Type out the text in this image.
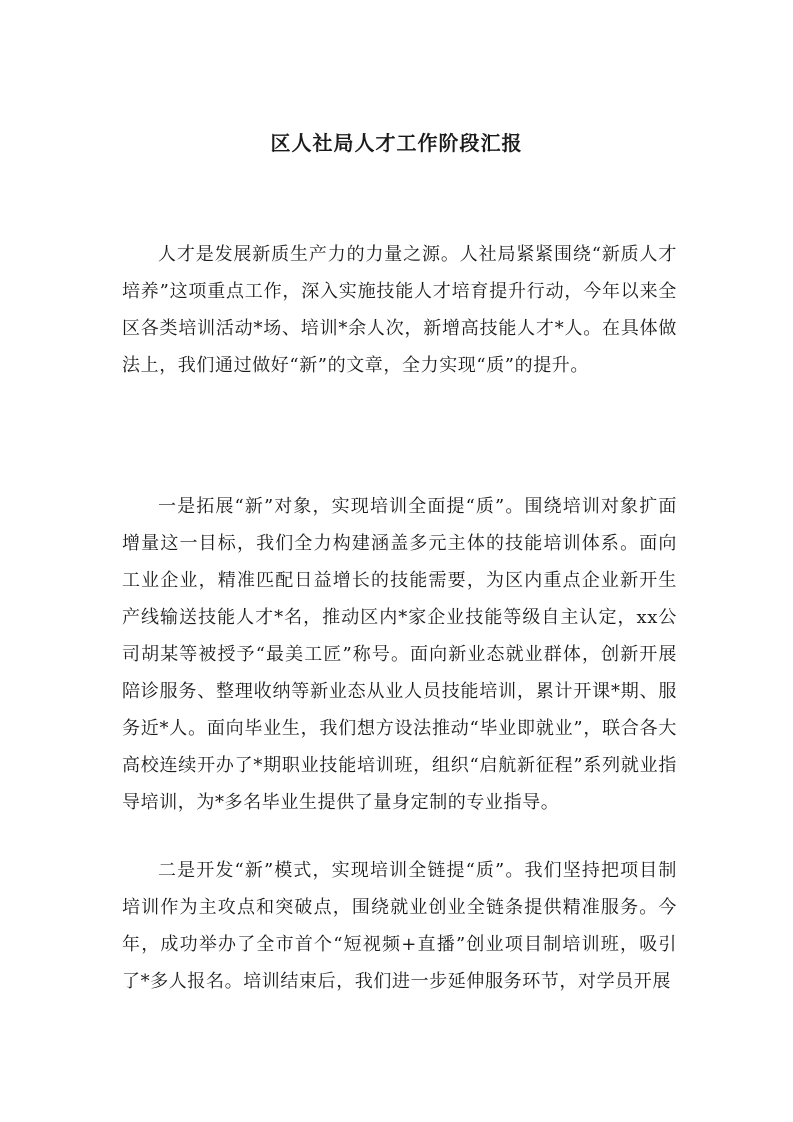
区人社局人才工作阶段汇报

人才是发展新质生产力的力量之源。人社局紧紧围绕“新质人才培养”这项重点工作，深入实施技能人才培育提升行动，今年以来全区各类培训活动*场、培训*余人次，新增高技能人才*人。在具体做法上，我们通过做好“新”的文章，全力实现“质”的提升。

一是拓展“新”对象，实现培训全面提“质”。围绕培训对象扩面增量这一目标，我们全力构建涵盖多元主体的技能培训体系。面向工业企业，精准匹配日益增长的技能需要，为区内重点企业新开生产线输送技能人才*名，推动区内*家企业技能等级自主认定，xx公司胡某等被授予“最美工匠”称号。面向新业态就业群体，创新开展陪诊服务、整理收纳等新业态从业人员技能培训，累计开课*期、服务近*人。面向毕业生，我们想方设法推动“毕业即就业”，联合各大高校连续开办了*期职业技能培训班，组织“启航新征程”系列就业指导培训，为*多名毕业生提供了量身定制的专业指导。

二是开发“新”模式，实现培训全链提“质”。我们坚持把项目制培训作为主攻点和突破点，围绕就业创业全链条提供精准服务。今年，成功举办了全市首个“短视频+直播”创业项目制培训班，吸引了*多人报名。培训结束后，我们进一步延伸服务环节，对学员开展
